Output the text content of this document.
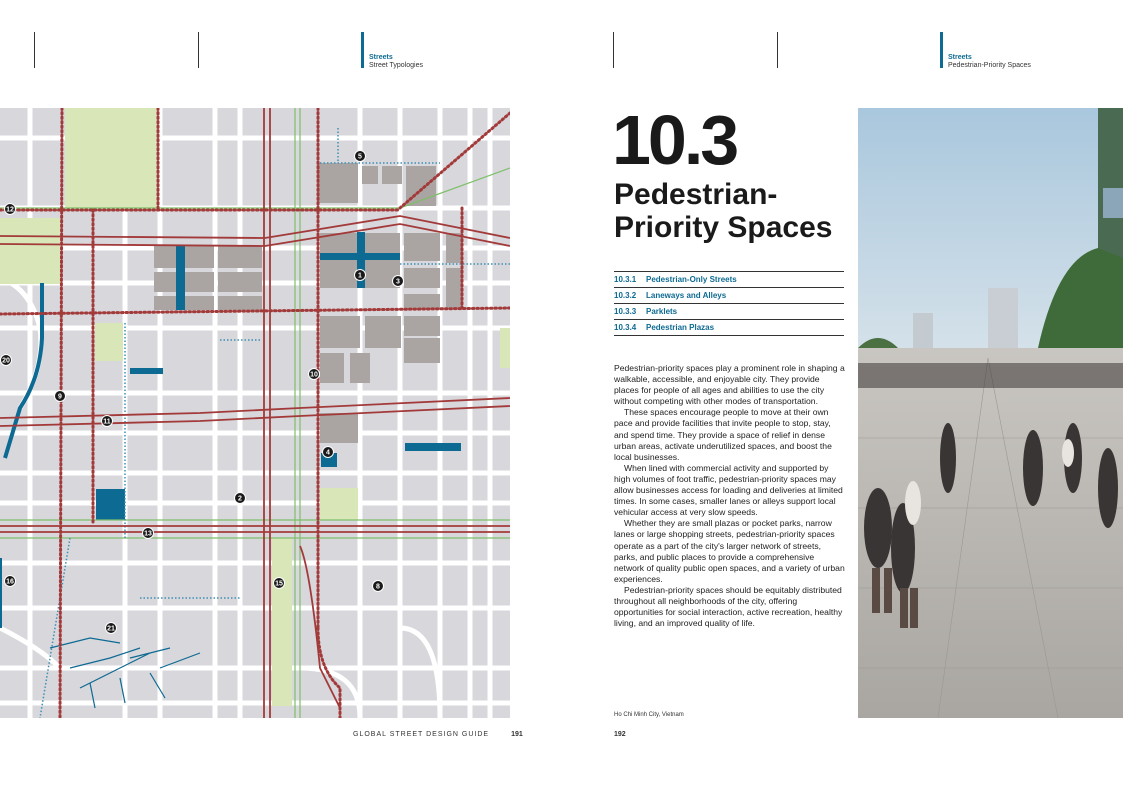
Streets
Street Typologies
Streets
Pedestrian-Priority Spaces
1
2
3
4
5
8
9
10
11
12
13
15
16
20
21
GLOBAL STREET DESIGN GUIDE	191
10.3
Pedestrian-
Priority Spaces
10.3.1	Pedestrian-Only Streets
10.3.2	Laneways and Alleys
10.3.3	Parklets
10.3.4	Pedestrian Plazas

Pedestrian-priority spaces play a prominent role in shaping a walkable, accessible, and enjoyable city. They provide places for people of all ages and abilities to use the city without competing with other modes of transportation.

These spaces encourage people to move at their own pace and provide facilities that invite people to stop, stay, and spend time. They provide a space of relief in dense urban areas, activate underutilized spaces, and boost the local businesses.

When lined with commercial activity and supported by high volumes of foot traffic, pedestrian-priority spaces may allow businesses access for loading and deliveries at limited times. In some cases, smaller lanes or alleys support local vehicular access at very slow speeds.

Whether they are small plazas or pocket parks, narrow lanes or large shopping streets, pedestrian-priority spaces operate as a part of the city's larger network of streets, parks, and public places to provide a comprehensive network of quality public open spaces, and a variety of urban experiences.

Pedestrian-priority spaces should be equitably distributed throughout all neighborhoods of the city, offering opportunities for social interaction, active recreation, healthy living, and an improved quality of life.

Ho Chi Minh City, Vietnam
192
